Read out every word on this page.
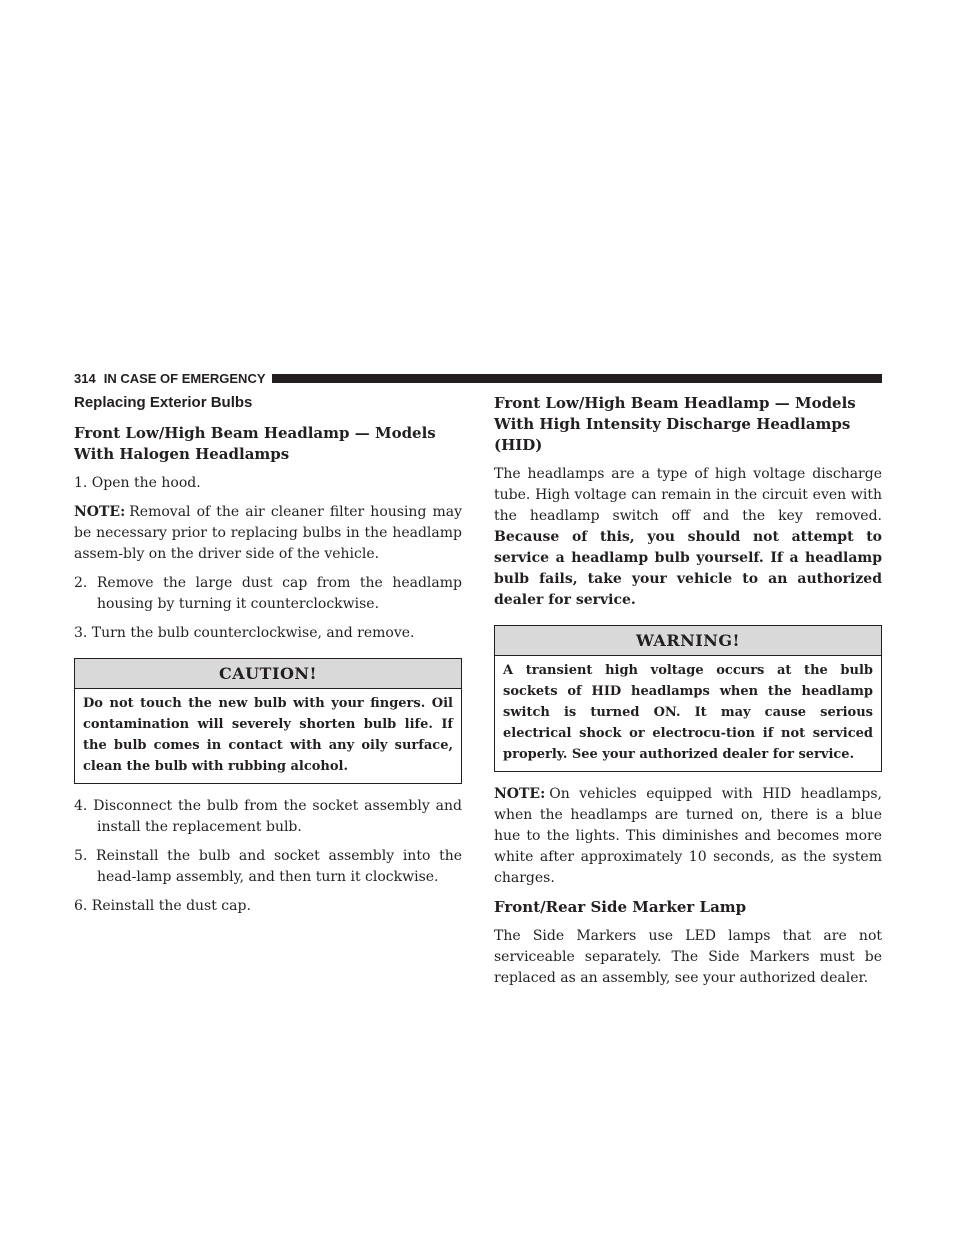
314 IN CASE OF EMERGENCY
Replacing Exterior Bulbs
Front Low/High Beam Headlamp — Models With Halogen Headlamps

1. Open the hood.

NOTE: Removal of the air cleaner filter housing may be necessary prior to replacing bulbs in the headlamp assem-bly on the driver side of the vehicle.

2. Remove the large dust cap from the headlamp housing by turning it counterclockwise.

3. Turn the bulb counterclockwise, and remove.

CAUTION!
Do not touch the new bulb with your fingers. Oil contamination will severely shorten bulb life. If the bulb comes in contact with any oily surface, clean the bulb with rubbing alcohol.

4. Disconnect the bulb from the socket assembly and install the replacement bulb.

5. Reinstall the bulb and socket assembly into the head-lamp assembly, and then turn it clockwise.

6. Reinstall the dust cap.

Front Low/High Beam Headlamp — Models With High Intensity Discharge Headlamps (HID)

The headlamps are a type of high voltage discharge tube. High voltage can remain in the circuit even with the headlamp switch off and the key removed. Because of this, you should not attempt to service a headlamp bulb yourself. If a headlamp bulb fails, take your vehicle to an authorized dealer for service.

WARNING!
A transient high voltage occurs at the bulb sockets of HID headlamps when the headlamp switch is turned ON. It may cause serious electrical shock or electrocu-tion if not serviced properly. See your authorized dealer for service.

NOTE: On vehicles equipped with HID headlamps, when the headlamps are turned on, there is a blue hue to the lights. This diminishes and becomes more white after approximately 10 seconds, as the system charges.

Front/Rear Side Marker Lamp

The Side Markers use LED lamps that are not serviceable separately. The Side Markers must be replaced as an assembly, see your authorized dealer.
